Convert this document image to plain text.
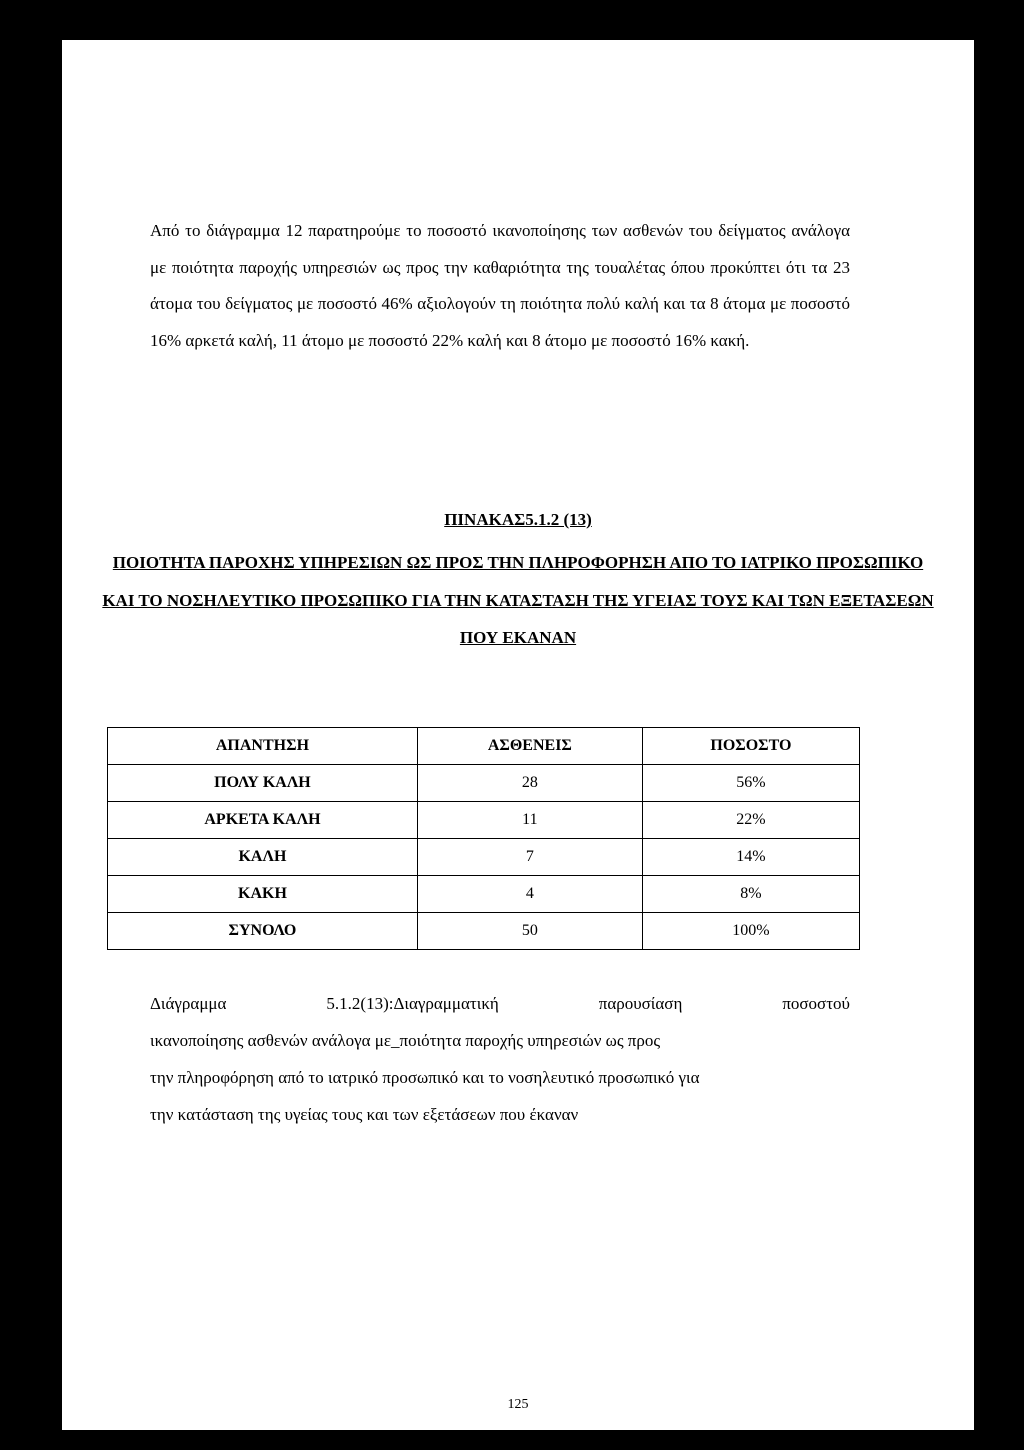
Από το διάγραμμα 12 παρατηρούμε το ποσοστό ικανοποίησης των ασθενών του δείγματος ανάλογα με ποιότητα παροχής υπηρεσιών ως προς την καθαριότητα της τουαλέτας όπου προκύπτει ότι τα 23 άτομα του δείγματος με ποσοστό 46% αξιολογούν τη ποιότητα πολύ καλή και τα 8 άτομα με ποσοστό 16% αρκετά καλή, 11 άτομο με ποσοστό 22% καλή και 8 άτομο με ποσοστό 16% κακή.

ΠΙΝΑΚΑΣ5.1.2 (13)

ΠΟΙΟΤΗΤΑ ΠΑΡΟΧΗΣ ΥΠΗΡΕΣΙΩΝ ΩΣ ΠΡΟΣ ΤΗΝ ΠΛΗΡΟΦΟΡΗΣΗ ΑΠΟ ΤΟ ΙΑΤΡΙΚΟ ΠΡΟΣΩΠΙΚΟ ΚΑΙ ΤΟ ΝΟΣΗΛΕΥΤΙΚΟ ΠΡΟΣΩΠΙΚΟ ΓΙΑ ΤΗΝ ΚΑΤΑΣΤΑΣΗ ΤΗΣ ΥΓΕΙΑΣ ΤΟΥΣ ΚΑΙ ΤΩΝ ΕΞΕΤΑΣΕΩΝ ΠΟΥ ΕΚΑΝΑΝ

ΑΠΑΝΤΗΣΗ	ΑΣΘΕΝΕΙΣ	ΠΟΣΟΣΤΟ
ΠΟΛΥ ΚΑΛΗ	28	56%
ΑΡΚΕΤΑ ΚΑΛΗ	11	22%
ΚΑΛΗ	7	14%
ΚΑΚΗ	4	8%
ΣΥΝΟΛΟ	50	100%
Διάγραμμα	5.1.2(13):Διαγραμματική	παρουσίαση	ποσοστού
ικανοποίησης ασθενών ανάλογα με_ποιότητα παροχής υπηρεσιών ως προς
την πληροφόρηση από το ιατρικό προσωπικό και το νοσηλευτικό προσωπικό για
την κατάσταση της υγείας τους και των εξετάσεων που έκαναν

125
